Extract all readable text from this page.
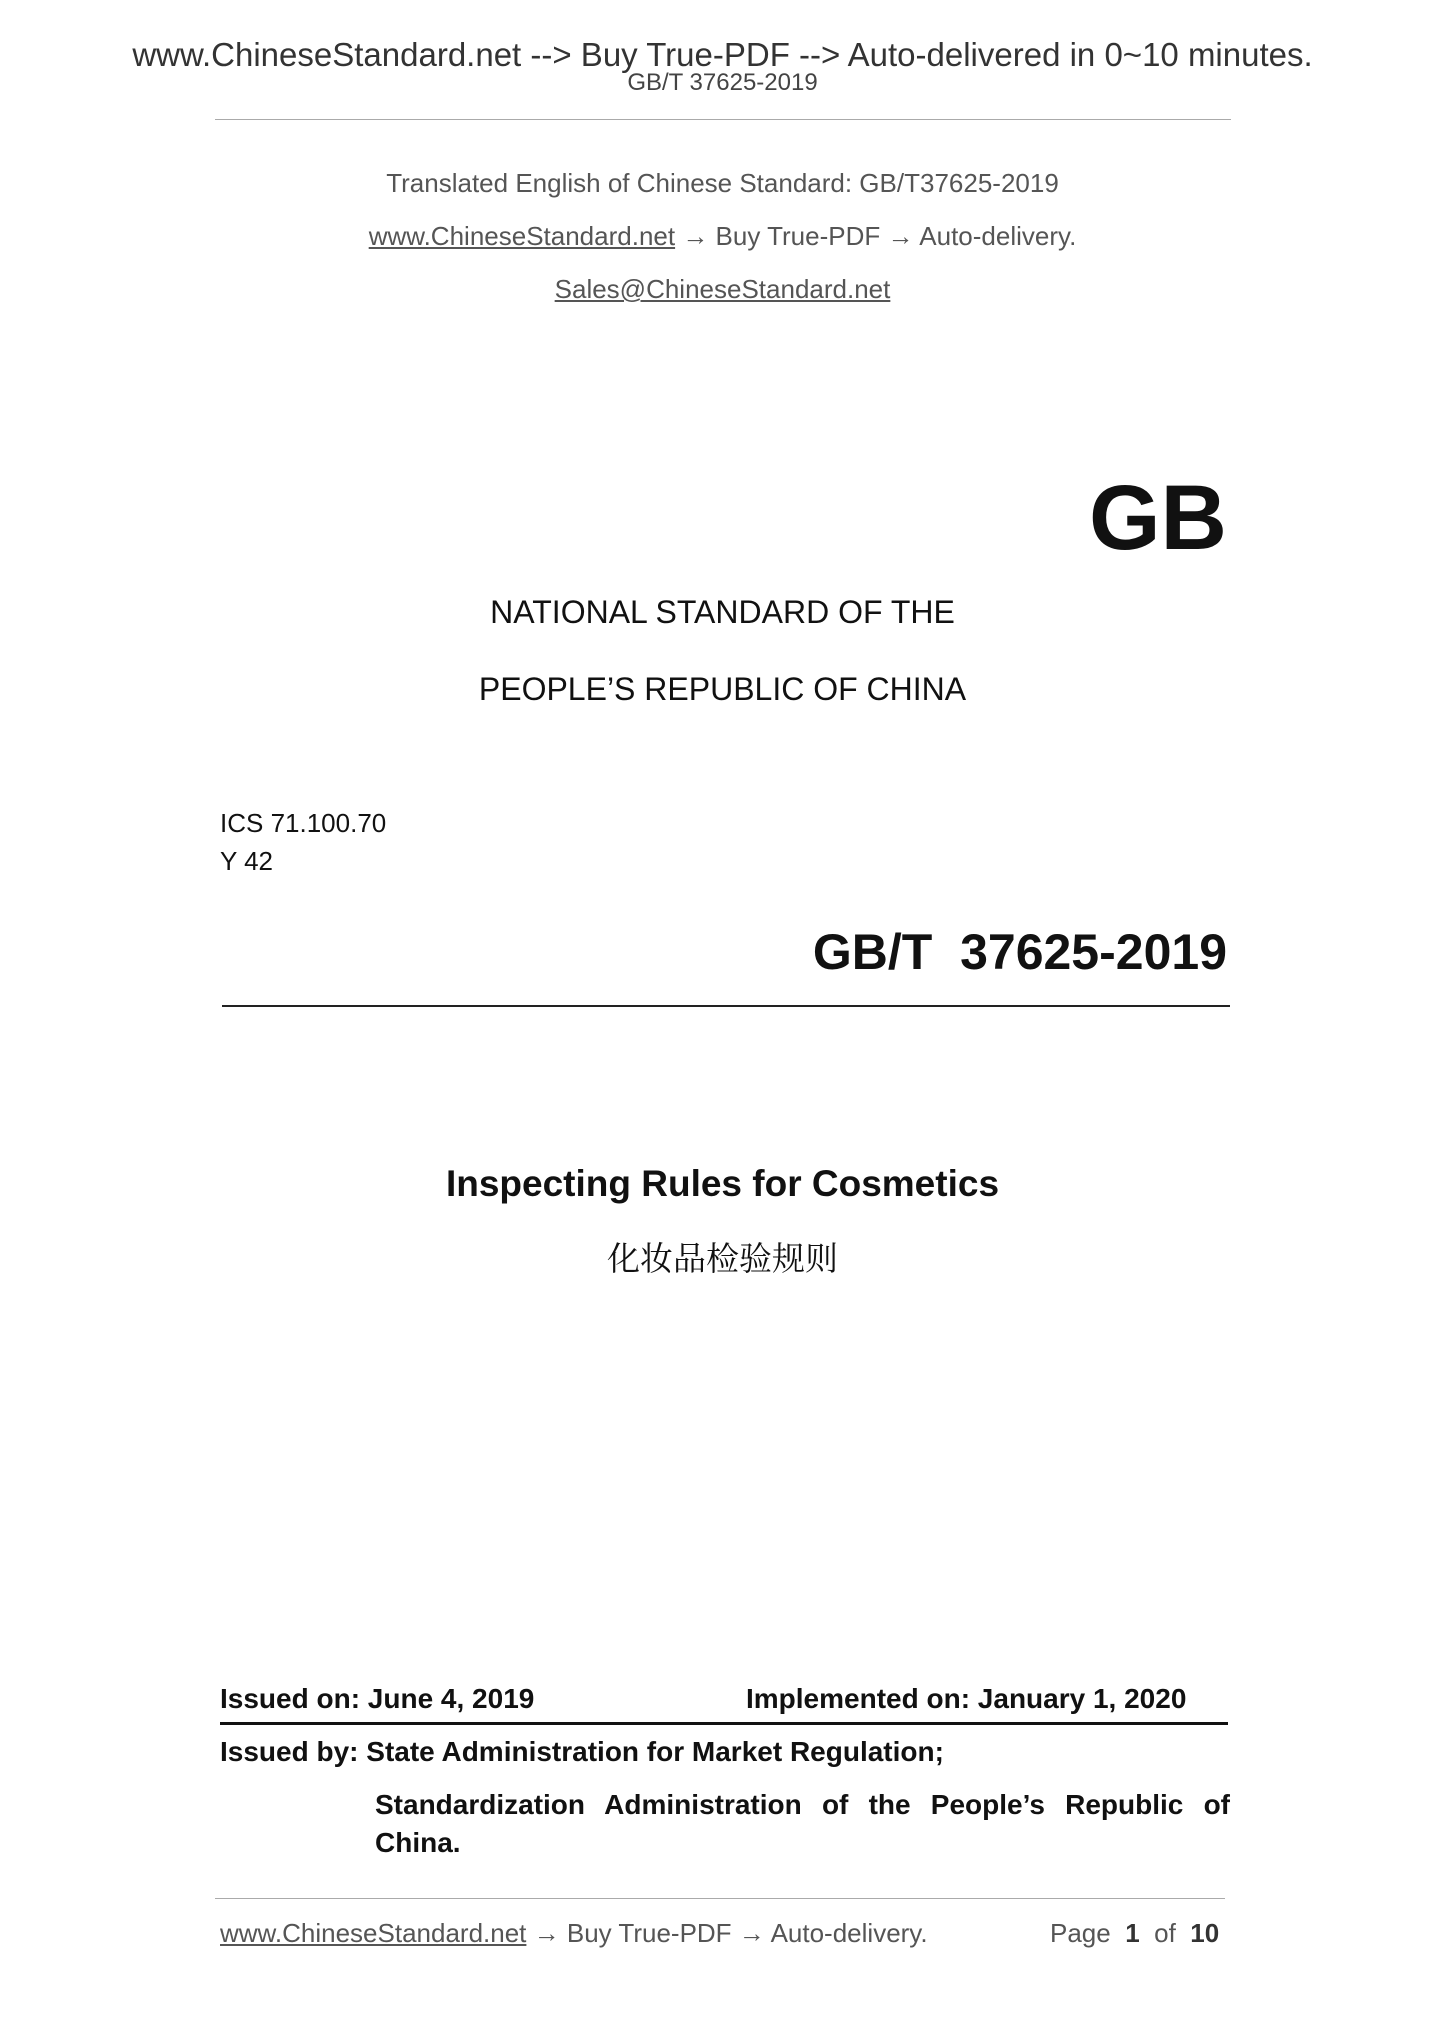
www.ChineseStandard.net --> Buy True-PDF --> Auto-delivered in 0~10 minutes.
GB/T 37625-2019
Translated English of Chinese Standard: GB/T37625-2019
www.ChineseStandard.net → Buy True-PDF → Auto-delivery.
Sales@ChineseStandard.net
GB
NATIONAL STANDARD OF THE
PEOPLE’S REPUBLIC OF CHINA
ICS 71.100.70
Y 42
GB/T  37625-2019
Inspecting Rules for Cosmetics
化妆品检验规则
Issued on: June 4, 2019	Implemented on: January 1, 2020
Issued by: State Administration for Market Regulation;
Standardization Administration of the People’s Republic of China.
www.ChineseStandard.net → Buy True-PDF → Auto-delivery.	Page 1 of 10
